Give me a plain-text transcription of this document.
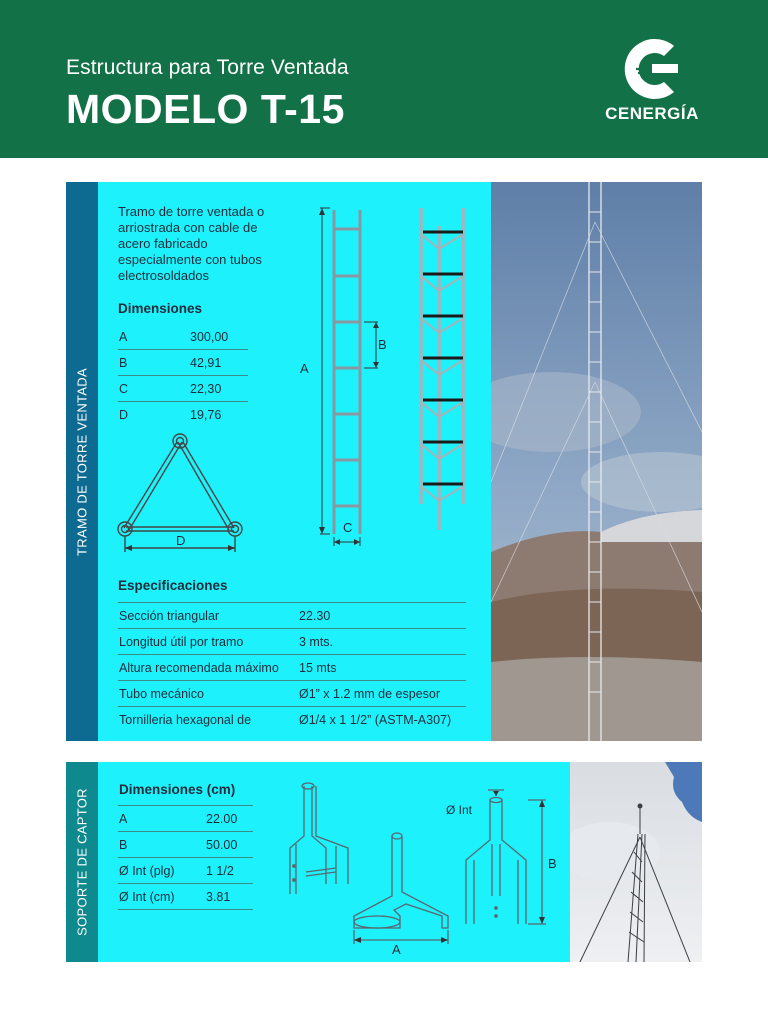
Estructura para Torre Ventada
MODELO T-15	CENERGÍA
TRAMO DE TORRE VENTADA
Tramo de torre ventada o arriostrada con cable de acero fabricado especialmente con tubos electrosoldados
Dimensiones
A	300,00
B	42,91
C	22,30
D	19,76
D
A
B
C
Especificaciones
Sección triangular	22.30
Longitud útil por tramo	3 mts.
Altura recomendada máximo 15 mts
Tubo mecánico	Ø1” x 1.2 mm de espesor
Tornilleria hexagonal de	Ø1/4 x 1 1/2” (ASTM-A307)
SOPORTE DE CAPTOR Dimensiones (cm)
A	22.00
B	50.00
Ø Int (plg)	1 1/2
Ø Int (cm)	3.81
A
B
Ø Int
